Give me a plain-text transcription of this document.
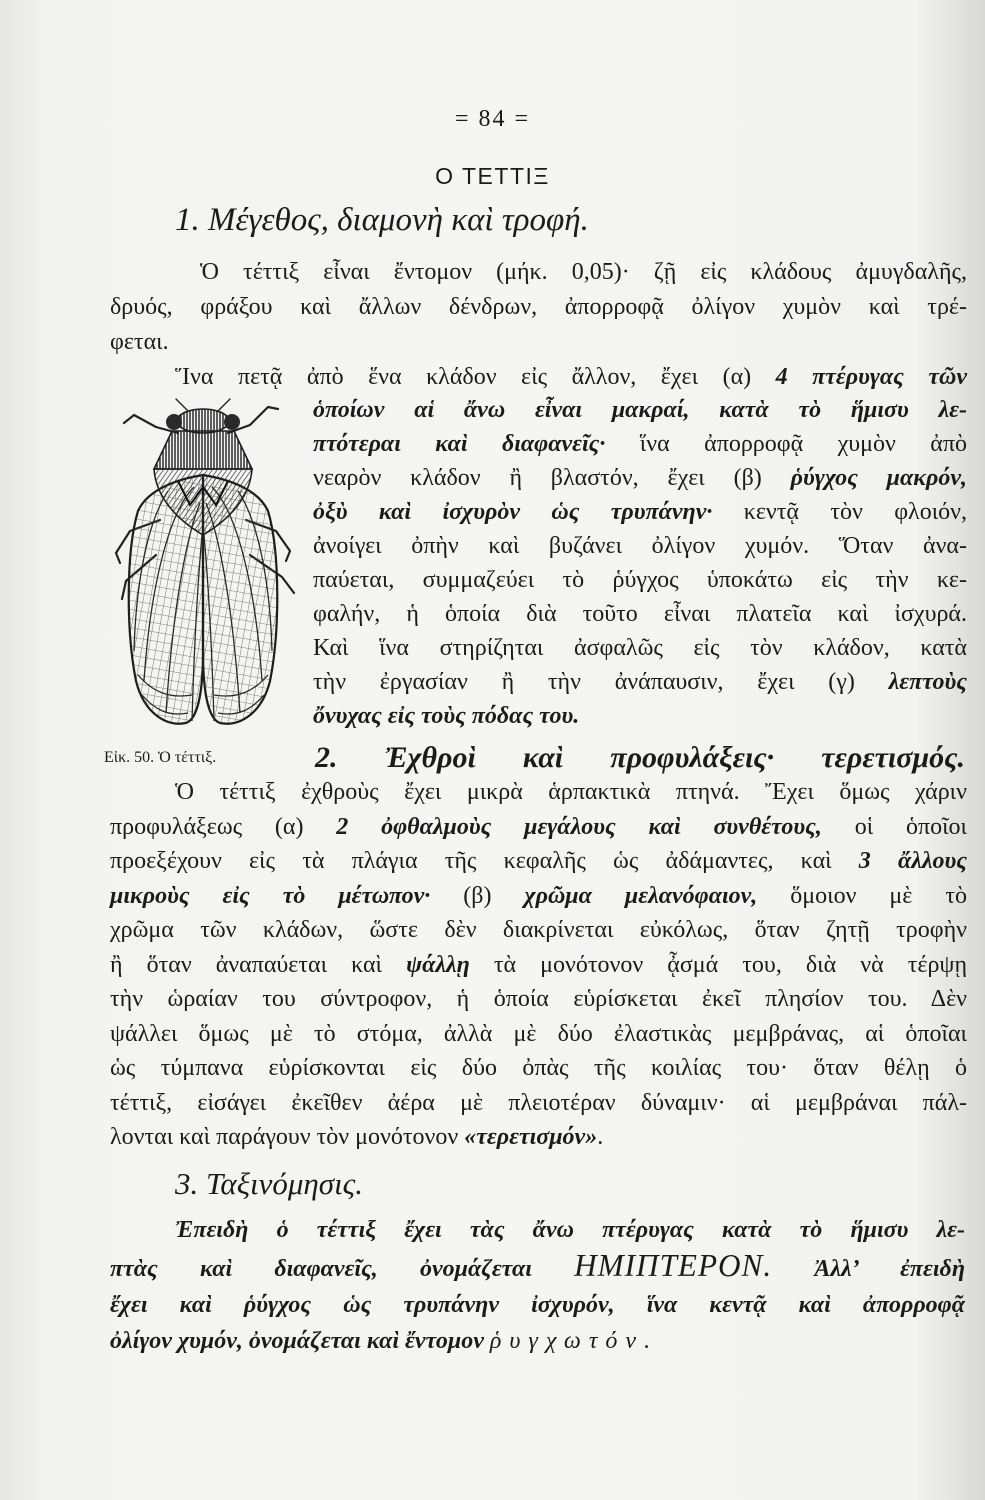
= 84 =
Ο ΤΕΤΤΙΞ
1. Μέγεθος, διαμονὴ καὶ τροφή.
Ὁ τέττιξ εἶναι ἔντομον (μήκ. 0,05)· ζῇ εἰς κλάδους ἀμυγδαλῆς,
δρυός, φράξου καὶ ἄλλων δένδρων, ἀπορροφᾷ ὀλίγον χυμὸν καὶ τρέ-
φεται.
Ἵνα πετᾷ ἀπὸ ἕνα κλάδον εἰς ἄλλον, ἔχει (α) 4 πτέρυγας τῶν
ὁποίων αἱ ἄνω εἶναι μακραί, κατὰ τὸ ἥμισυ λε-
πτότεραι καὶ διαφανεῖς· ἵνα ἀπορροφᾷ χυμὸν ἀπὸ
νεαρὸν κλάδον ἢ βλαστόν, ἔχει (β) ῥύγχος μακρόν,
ὀξὺ καὶ ἰσχυρὸν ὡς τρυπάνην· κεντᾷ τὸν φλοιόν,
ἀνοίγει ὀπὴν καὶ βυζάνει ὀλίγον χυμόν. Ὅταν ἀνα-
παύεται, συμμαζεύει τὸ ῥύγχος ὑποκάτω εἰς τὴν κε-
φαλήν, ἡ ὁποία διὰ τοῦτο εἶναι πλατεῖα καὶ ἰσχυρά.
Καὶ ἵνα στηρίζηται ἀσφαλῶς εἰς τὸν κλάδον, κατὰ
τὴν ἐργασίαν ἢ τὴν ἀνάπαυσιν, ἔχει (γ) λεπτοὺς
ὄνυχας εἰς τοὺς πόδας του.
Εἰκ. 50. Ὁ τέττιξ.	2. Ἐχθροὶ καὶ προφυλάξεις· τερετισμός.
Ὁ τέττιξ ἐχθροὺς ἔχει μικρὰ ἁρπακτικὰ πτηνά. Ἔχει ὅμως χάριν
προφυλάξεως (α) 2 ὀφθαλμοὺς μεγάλους καὶ συνθέτους, οἱ ὁποῖοι
προεξέχουν εἰς τὰ πλάγια τῆς κεφαλῆς ὡς ἀδάμαντες, καὶ 3 ἄλλους
μικροὺς εἰς τὸ μέτωπον· (β) χρῶμα μελανόφαιον, ὅμοιον μὲ τὸ
χρῶμα τῶν κλάδων, ὥστε δὲν διακρίνεται εὐκόλως, ὅταν ζητῇ τροφὴν
ἢ ὅταν ἀναπαύεται καὶ ψάλλῃ τὰ μονότονον ᾆσμά του, διὰ νὰ τέρψῃ
τὴν ὡραίαν του σύντροφον, ἡ ὁποία εὑρίσκεται ἐκεῖ πλησίον του. Δὲν
ψάλλει ὅμως μὲ τὸ στόμα, ἀλλὰ μὲ δύο ἐλαστικὰς μεμβράνας, αἱ ὁποῖαι
ὡς τύμπανα εὑρίσκονται εἰς δύο ὀπὰς τῆς κοιλίας του· ὅταν θέλῃ ὁ
τέττιξ, εἰσάγει ἐκεῖθεν ἀέρα μὲ πλειοτέραν δύναμιν· αἱ μεμβράναι πάλ-
λονται καὶ παράγουν τὸν μονότονον «τερετισμόν».
3. Ταξινόμησις.
Ἐπειδὴ ὁ τέττιξ ἔχει τὰς ἄνω πτέρυγας κατὰ τὸ ἥμισυ λε-
πτὰς καὶ διαφανεῖς, ὀνομάζεται ΗΜΙΠΤΕΡΟΝ. Ἀλλ’ ἐπειδὴ
ἔχει καὶ ῥύγχος ὡς τρυπάνην ἰσχυρόν, ἵνα κεντᾷ καὶ ἀπορροφᾷ
ὀλίγον χυμόν, ὀνομάζεται καὶ ἔντομον ῥυγχωτόν.
